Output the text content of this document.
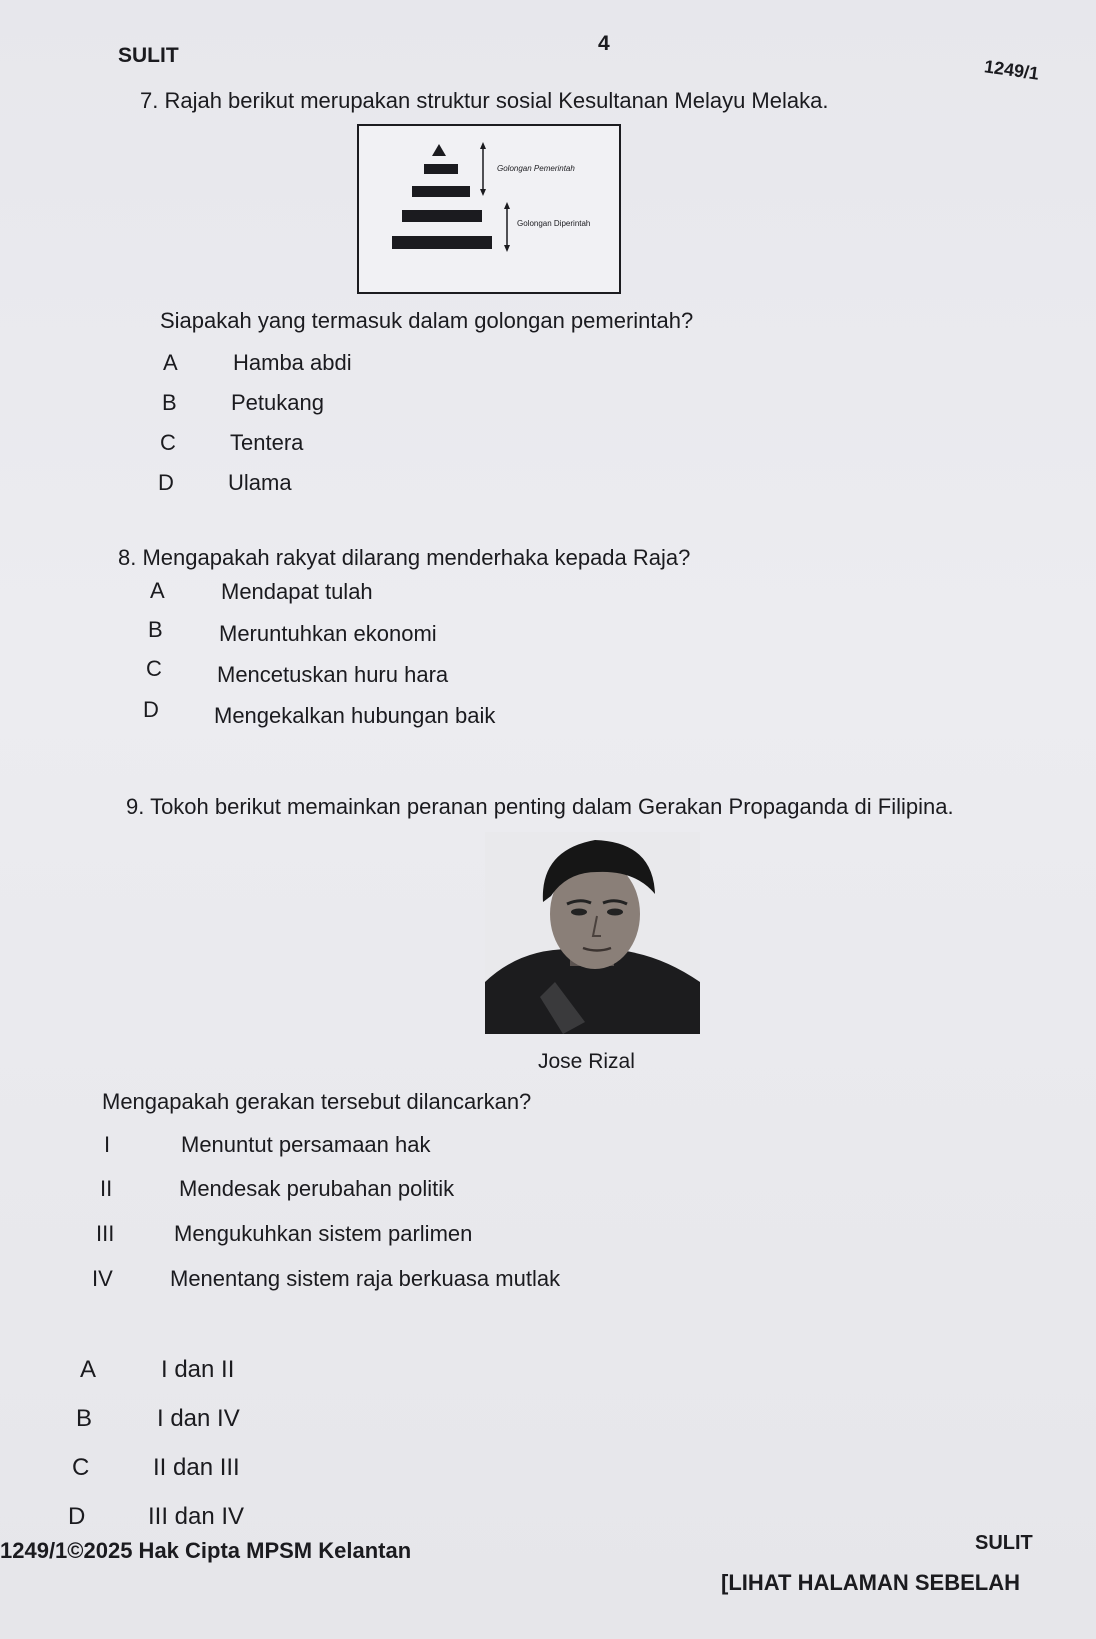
SULIT
4
1249/1
7. Rajah berikut merupakan struktur sosial Kesultanan Melayu Melaka.
Golongan Pemerintah
Golongan Diperintah
Siapakah yang termasuk dalam golongan pemerintah?
A	Hamba abdi
B Petukang
C Tentera
D Ulama
8. Mengapakah rakyat dilarang menderhaka kepada Raja?
A	Mendapat tulah
B	Meruntuhkan ekonomi
C	Mencetuskan huru hara
D	Mengekalkan hubungan baik
9. Tokoh berikut memainkan peranan penting dalam Gerakan Propaganda di Filipina.
Jose Rizal
Mengapakah gerakan tersebut dilancarkan?
I	Menuntut persamaan hak
II	Mendesak perubahan politik
III	Mengukuhkan sistem parlimen
IV	Menentang sistem raja berkuasa mutlak
A	I dan II
B	I dan IV
C	II dan III
D	III dan IV
1249/1©2025 Hak Cipta MPSM Kelantan	SULIT
[LIHAT HALAMAN SEBELAH
